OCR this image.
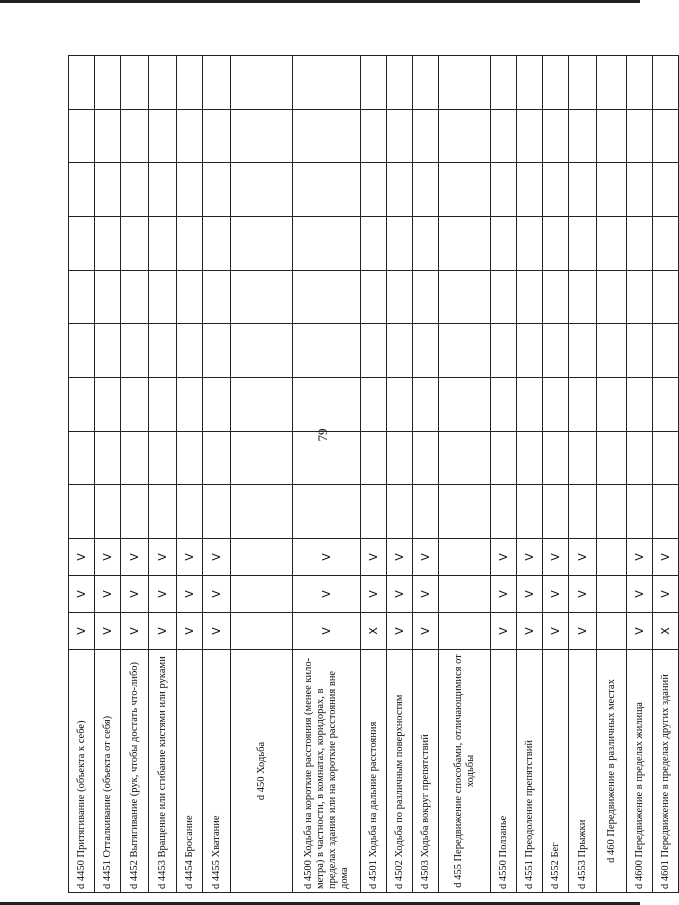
79
d 4450 Притягивание (объекта к себе)	V	V	V									
d 4451 Отталкивание (объекта от себя)	V	V	V									
d 4452 Вытягивание (рук, чтобы достать что-либо)	V	V	V									
d 4453 Вращение или сгибание кистями или руками	V	V	V									
d 4454 Бросание	V	V	V									
d 4455 Хватание	V	V	V									
d 450 Ходьба												
d 4500 Ходьба на короткие расстояния (менее кило-метра) в частности, в комнатах, коридорах, в пределах здания или на короткие расстояния вне дома	V	V	V									
d 4501 Ходьба на дальние расстояния	X	V	V									
d 4502 Ходьба по различным поверхностям	V	V	V									
d 4503 Ходьба вокруг препятствий	V	V	V									
d 455 Передвижение способами, отличающимися от ходьбы												
d 4550 Ползанье	V	V	V									
d 4551 Преодоление препятствий	V	V	V									
d 4552 Бег	V	V	V									
d 4553 Прыжки	V	V	V									
d 460 Передвижение в различных местах												
d 4600 Передвижение в пределах жилища	V	V	V									
d 4601 Передвижение в пределах других зданий	X	V	V									
